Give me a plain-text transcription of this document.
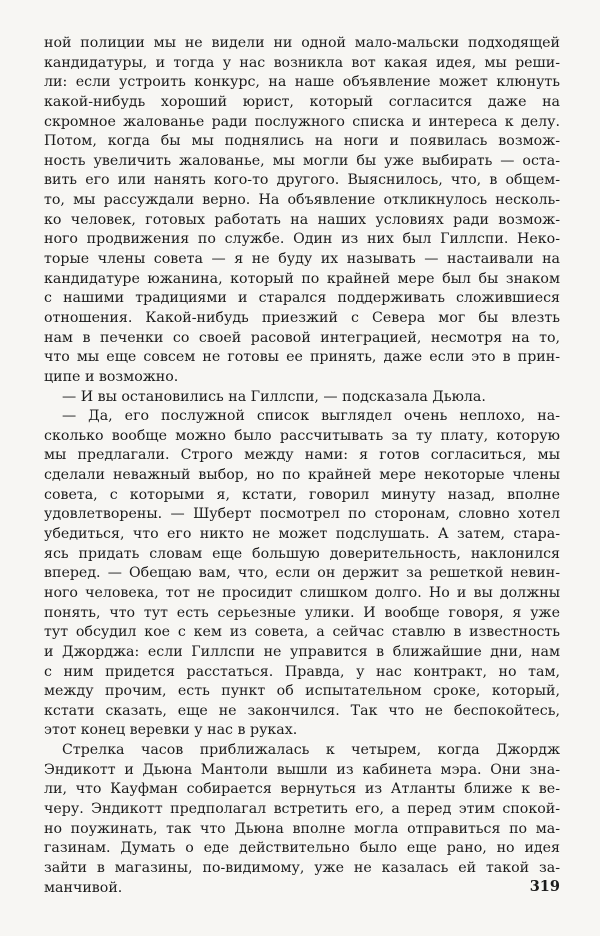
ной полиции мы не видели ни одной мало-мальски подходящей
кандидатуры, и тогда у нас возникла вот какая идея, мы реши-
ли: если устроить конкурс, на наше объявление может клюнуть
какой-нибудь хороший юрист, который согласится даже на
скромное жалованье ради послужного списка и интереса к делу.
Потом, когда бы мы поднялись на ноги и появилась возмож-
ность увеличить жалованье, мы могли бы уже выбирать — оста-
вить его или нанять кого-то другого. Выяснилось, что, в общем-
то, мы рассуждали верно. На объявление откликнулось несколь-
ко человек, готовых работать на наших условиях ради возмож-
ного продвижения по службе. Один из них был Гиллспи. Неко-
торые члены совета — я не буду их называть — настаивали на
кандидатуре южанина, который по крайней мере был бы знаком
с нашими традициями и старался поддерживать сложившиеся
отношения. Какой-нибудь приезжий с Севера мог бы влезть
нам в печенки со своей расовой интеграцией, несмотря на то,
что мы еще совсем не готовы ее принять, даже если это в прин-
ципе и возможно.
— И вы остановились на Гиллспи, — подсказала Дьюла.
— Да, его послужной список выглядел очень неплохо, на-
сколько вообще можно было рассчитывать за ту плату, которую
мы предлагали. Строго между нами: я готов согласиться, мы
сделали неважный выбор, но по крайней мере некоторые члены
совета, с которыми я, кстати, говорил минуту назад, вполне
удовлетворены. — Шуберт посмотрел по сторонам, словно хотел
убедиться, что его никто не может подслушать. А затем, стара-
ясь придать словам еще большую доверительность, наклонился
вперед. — Обещаю вам, что, если он держит за решеткой невин-
ного человека, тот не просидит слишком долго. Но и вы должны
понять, что тут есть серьезные улики. И вообще говоря, я уже
тут обсудил кое с кем из совета, а сейчас ставлю в известность
и Джорджа: если Гиллспи не управится в ближайшие дни, нам
с ним придется расстаться. Правда, у нас контракт, но там,
между прочим, есть пункт об испытательном сроке, который,
кстати сказать, еще не закончился. Так что не беспокойтесь,
этот конец веревки у нас в руках.
Стрелка часов приближалась к четырем, когда Джордж
Эндикотт и Дьюна Мантоли вышли из кабинета мэра. Они зна-
ли, что Кауфман собирается вернуться из Атланты ближе к ве-
черу. Эндикотт предполагал встретить его, а перед этим спокой-
но поужинать, так что Дьюна вполне могла отправиться по ма-
газинам. Думать о еде действительно было еще рано, но идея
зайти в магазины, по-видимому, уже не казалась ей такой за-
манчивой.	319
